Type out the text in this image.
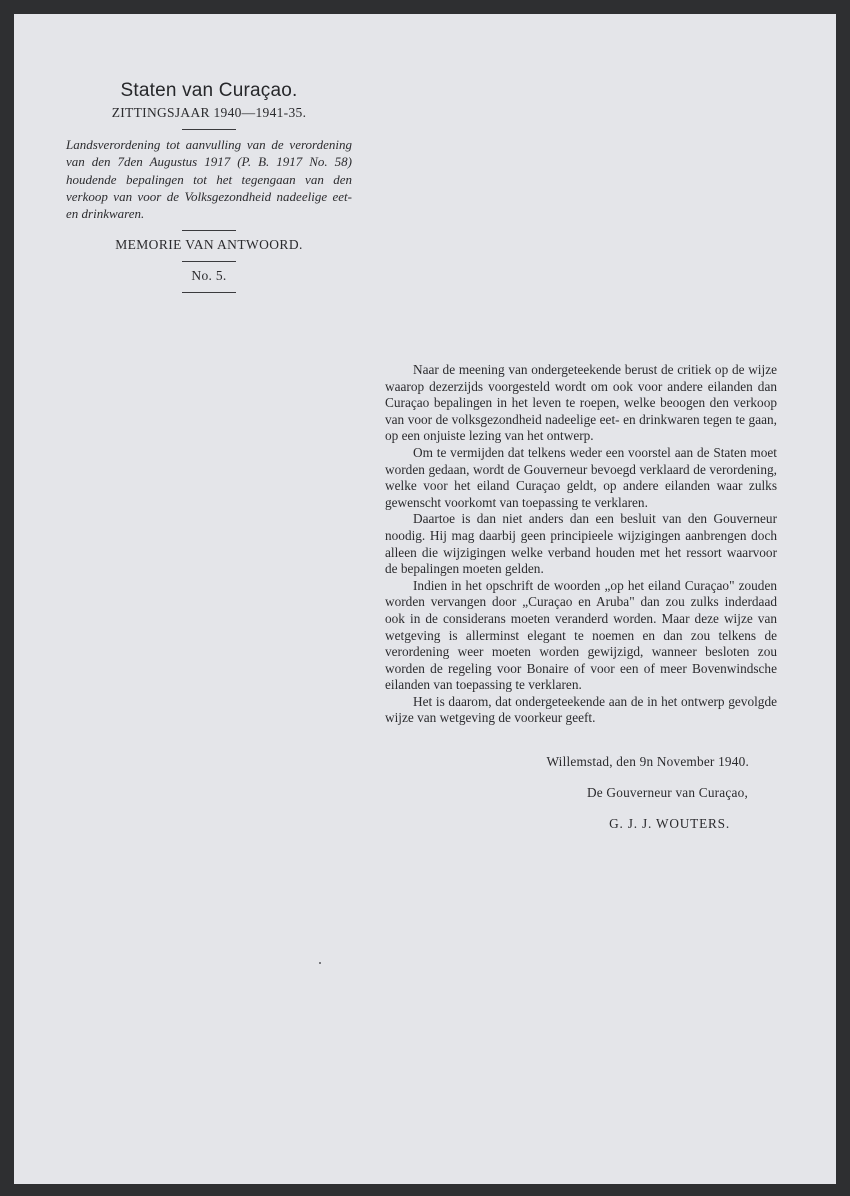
Staten van Curaçao.
ZITTINGSJAAR 1940—1941-35.
Landsverordening tot aanvulling van de verordening van den 7den Augustus 1917 (P. B. 1917 No. 58) houdende bepalingen tot het tegengaan van den verkoop van voor de Volksgezondheid nadeelige eet- en drinkwaren.
MEMORIE VAN ANTWOORD.
No. 5.

Naar de meening van ondergeteekende berust de critiek op de wijze waarop dezerzijds voorgesteld wordt om ook voor andere eilanden dan Curaçao bepalingen in het leven te roepen, welke beoogen den verkoop van voor de volksgezondheid nadeelige eet- en drinkwaren tegen te gaan, op een onjuiste lezing van het ontwerp.

Om te vermijden dat telkens weder een voorstel aan de Staten moet worden gedaan, wordt de Gouverneur bevoegd verklaard de verordening, welke voor het eiland Curaçao geldt, op andere eilanden waar zulks gewenscht voorkomt van toepassing te verklaren.

Daartoe is dan niet anders dan een besluit van den Gouverneur noodig. Hij mag daarbij geen principieele wijzigingen aanbrengen doch alleen die wijzigingen welke verband houden met het ressort waarvoor de bepalingen moeten gelden.

Indien in het opschrift de woorden „op het eiland Curaçao" zouden worden vervangen door „Curaçao en Aruba" dan zou zulks inderdaad ook in de considerans moeten veranderd worden. Maar deze wijze van wetgeving is allerminst elegant te noemen en dan zou telkens de verordening weer moeten worden gewijzigd, wanneer besloten zou worden de regeling voor Bonaire of voor een of meer Bovenwindsche eilanden van toepassing te verklaren.

Het is daarom, dat ondergeteekende aan de in het ontwerp gevolgde wijze van wetgeving de voorkeur geeft.

Willemstad, den 9n November 1940.
De Gouverneur van Curaçao,
G. J. J. WOUTERS.
